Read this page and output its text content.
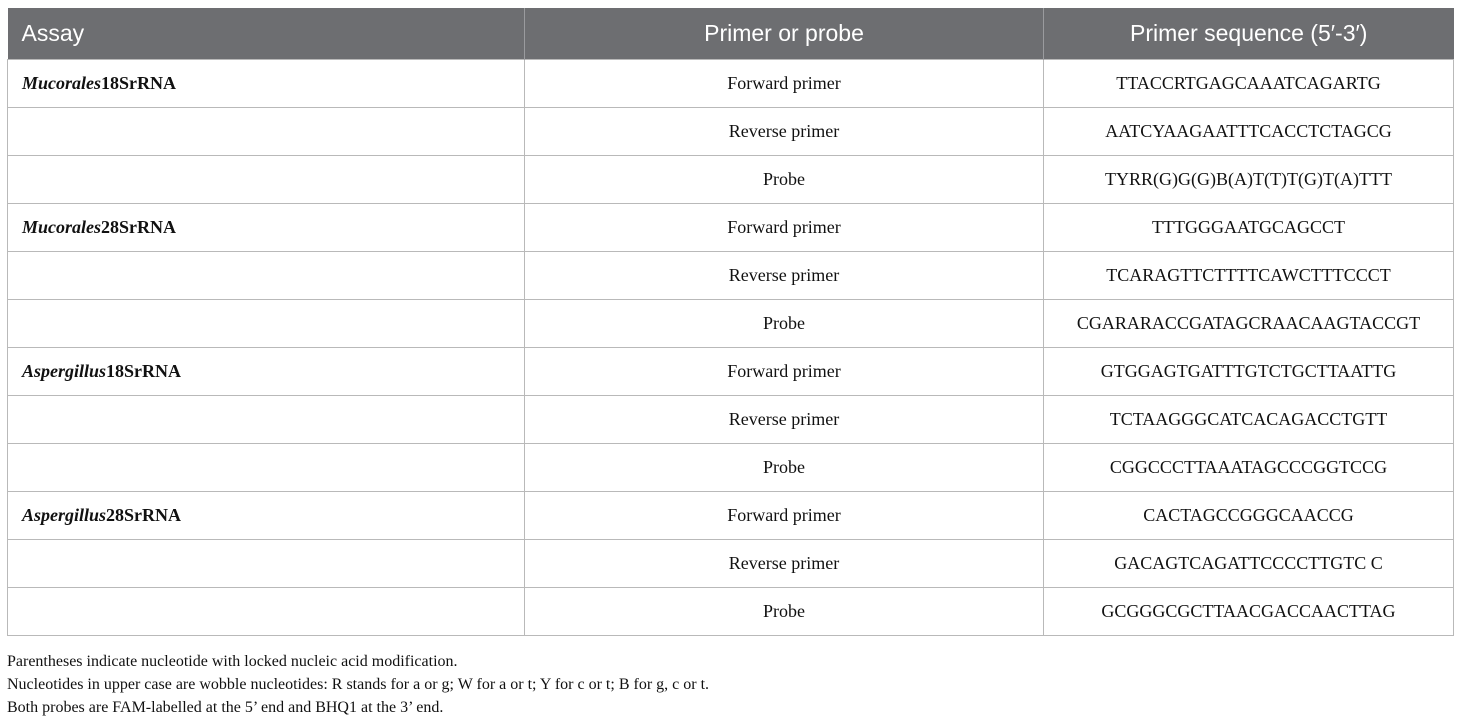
Assay	Primer or probe	Primer sequence (5′-3′)
Mucorales18SrRNA	Forward primer	TTACCRTGAGCAAATCAGARTG
	Reverse primer	AATCYAAGAATTTCACCTCTAGCG
	Probe	TYRR(G)G(G)B(A)T(T)T(G)T(A)TTT
Mucorales28SrRNA	Forward primer	TTTGGGAATGCAGCCT
	Reverse primer	TCARAGTTCTTTTCAWCTTTCCCT
	Probe	CGARARACCGATAGCRAACAAGTACCGT
Aspergillus18SrRNA	Forward primer	GTGGAGTGATTTGTCTGCTTAATTG
	Reverse primer	TCTAAGGGCATCACAGACCTGTT
	Probe	CGGCCCTTAAATAGCCCGGTCCG
Aspergillus28SrRNA	Forward primer	CACTAGCCGGGCAACCG
	Reverse primer	GACAGTCAGATTCCCCTTGTC C
	Probe	GCGGGCGCTTAACGACCAACTTAG
Parentheses indicate nucleotide with locked nucleic acid modification.
Nucleotides in upper case are wobble nucleotides: R stands for a or g; W for a or t; Y for c or t; B for g, c or t.
Both probes are FAM-labelled at the 5’ end and BHQ1 at the 3’ end.
